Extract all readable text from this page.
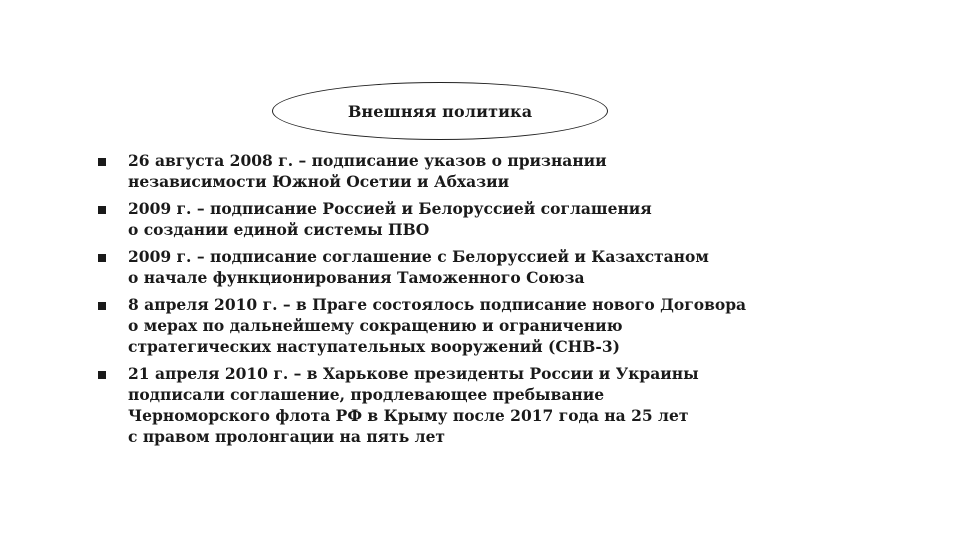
Внешняя политика
26 августа 2008 г. – подписание указов о признании
независимости Южной Осетии и Абхазии
2009 г. – подписание Россией и Белоруссией соглашения
о создании единой системы ПВО
2009 г. – подписание соглашение с Белоруссией и Казахстаном
о начале функционирования Таможенного Союза
8 апреля 2010 г. – в Праге состоялось подписание нового Договора
о мерах по дальнейшему сокращению и ограничению
стратегических наступательных вооружений (СНВ-3)
21 апреля 2010 г. – в Харькове президенты России и Украины
подписали соглашение, продлевающее пребывание
Черноморского флота РФ в Крыму после 2017 года на 25 лет
с правом пролонгации на пять лет
